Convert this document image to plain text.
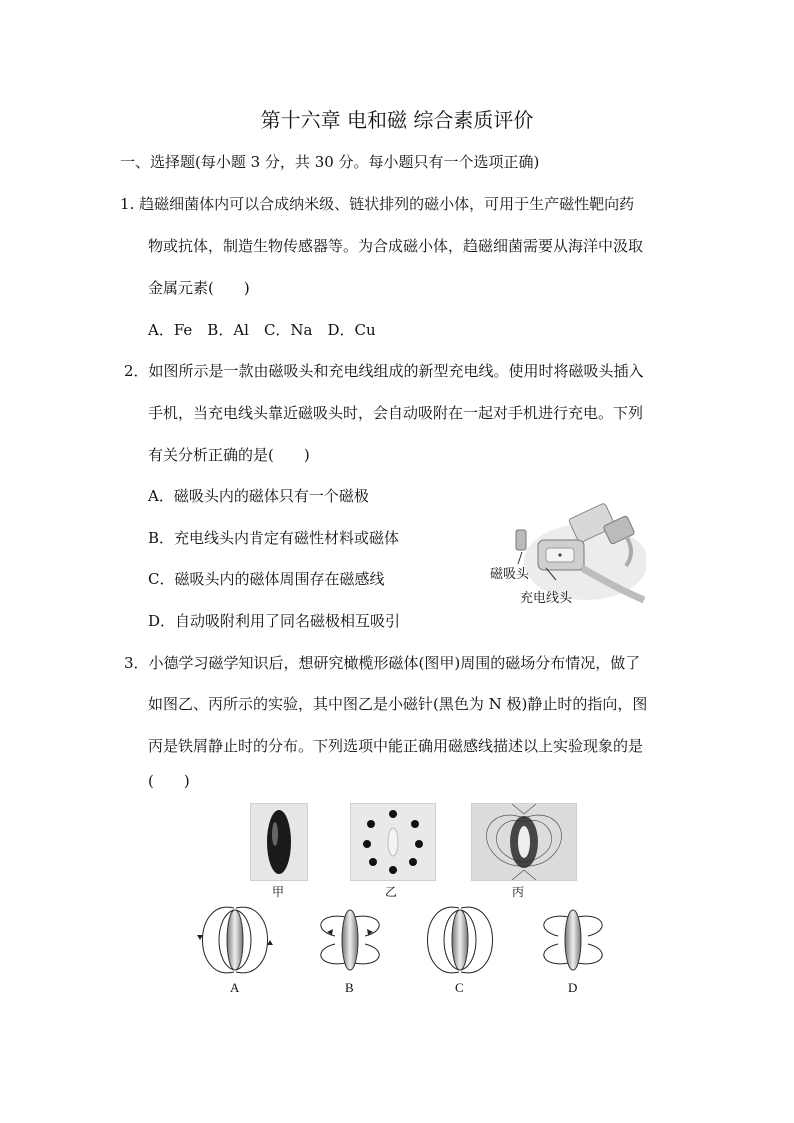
第十六章 电和磁 综合素质评价
一、选择题(每小题 3 分，共 30 分。每小题只有一个选项正确)
1. 趋磁细菌体内可以合成纳米级、链状排列的磁小体，可用于生产磁性靶向药
物或抗体，制造生物传感器等。为合成磁小体，趋磁细菌需要从海洋中汲取
金属元素(　　)
A．Fe　B．Al　C．Na　D．Cu
2．如图所示是一款由磁吸头和充电线组成的新型充电线。使用时将磁吸头插入
手机，当充电线头靠近磁吸头时，会自动吸附在一起对手机进行充电。下列
有关分析正确的是(　　)
A．磁吸头内的磁体只有一个磁极
B．充电线头内肯定有磁性材料或磁体
C．磁吸头内的磁体周围存在磁感线
D．自动吸附利用了同名磁极相互吸引
磁吸头
充电线头
3．小德学习磁学知识后，想研究橄榄形磁体(图甲)周围的磁场分布情况，做了
如图乙、丙所示的实验，其中图乙是小磁针(黑色为 N 极)静止时的指向，图
丙是铁屑静止时的分布。下列选项中能正确用磁感线描述以上实验现象的是
(　　)
甲	乙	丙
A	B	C	D
